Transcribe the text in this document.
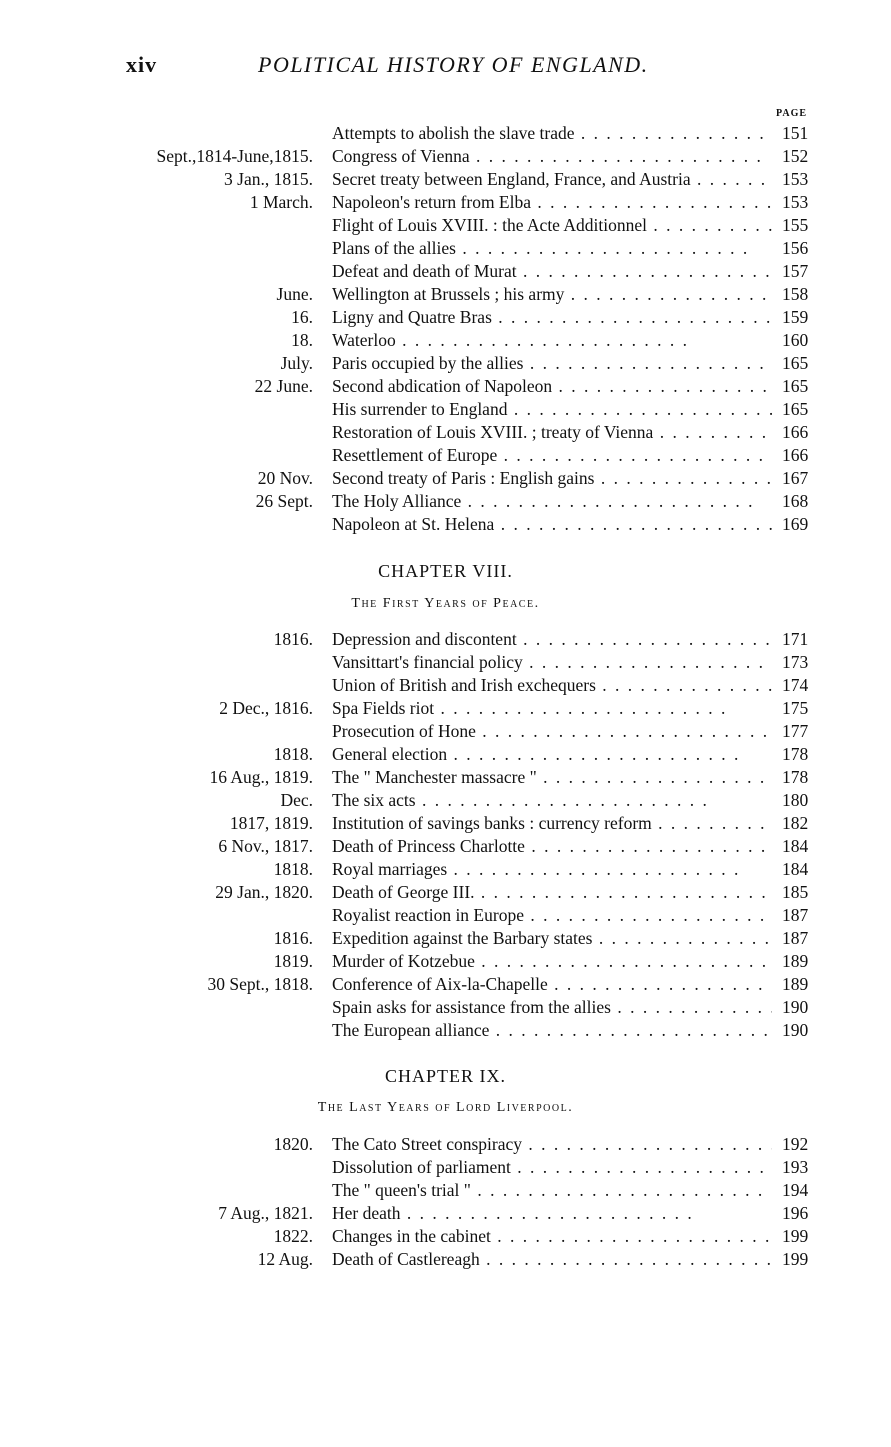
xiv	POLITICAL HISTORY OF ENGLAND.
PAGE
Attempts to abolish the slave trade . .	151
Sept.,1814-June,1815. Congress of Vienna . .	152
3 Jan., 1815. Secret treaty between England, France, and Austria . .	153
1 March. Napoleon's return from Elba . .	153
Flight of Louis XVIII. : the Acte Additionnel . .	155
Plans of the allies . .	156
Defeat and death of Murat . .	157
June. Wellington at Brussels ; his army . .	158
16. Ligny and Quatre Bras . .	159
18. Waterloo . .	160
July. Paris occupied by the allies . .	165
22 June. Second abdication of Napoleon . .	165
His surrender to England . .	165
Restoration of Louis XVIII. ; treaty of Vienna . .	166
Resettlement of Europe . .	166
20 Nov. Second treaty of Paris : English gains . .	167
26 Sept. The Holy Alliance . .	168
Napoleon at St. Helena . .	169
CHAPTER VIII.
The First Years of Peace.
1816. Depression and discontent . .	171
Vansittart's financial policy . .	173
Union of British and Irish exchequers . .	174
2 Dec., 1816. Spa Fields riot . .	175
Prosecution of Hone . .	177
1818. General election . .	178
16 Aug., 1819. The " Manchester massacre " . .	178
Dec. The six acts . .	180
1817, 1819. Institution of savings banks : currency reform . .	182
6 Nov., 1817. Death of Princess Charlotte . .	184
1818. Royal marriages . .	184
29 Jan., 1820. Death of George III. . .	185
Royalist reaction in Europe . .	187
1816. Expedition against the Barbary states . .	187
1819. Murder of Kotzebue . .	189
30 Sept., 1818. Conference of Aix-la-Chapelle . .	189
Spain asks for assistance from the allies . .	190
The European alliance . .	190
CHAPTER IX.
The Last Years of Lord Liverpool.
1820. The Cato Street conspiracy . .	192
Dissolution of parliament . .	193
The " queen's trial " . .	194
7 Aug., 1821. Her death . .	196
1822. Changes in the cabinet . .	199
12 Aug. Death of Castlereagh . .	199
